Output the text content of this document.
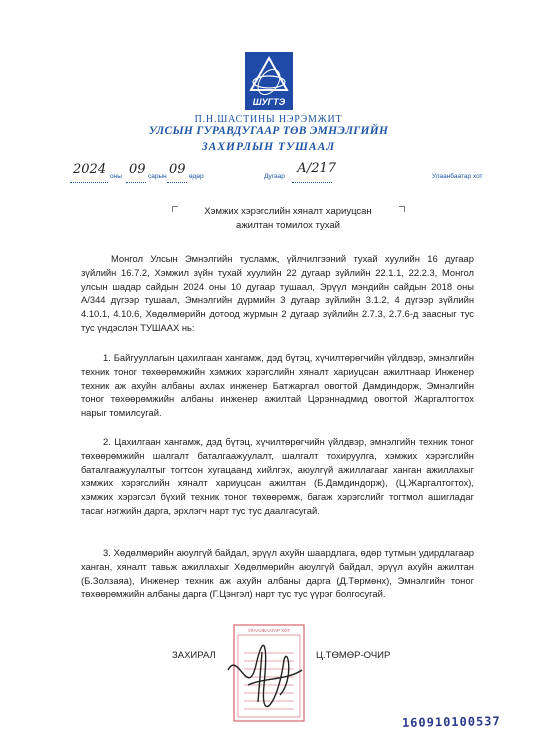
ШУГТЭ
П.Н.ШАСТИНЫ НЭРЭМЖИТ
УЛСЫН ГУРАВДУГААР ТӨВ ЭМНЭЛГИЙН
ЗАХИРЛЫН ТУШААЛ
2024 оны 09 сарын 09 өдөр	Дугаар
А/217
Улаанбаатар хот
Хэмжих хэрэгслийн хяналт хариуцсан
ажилтан томилох тухай

Монгол Улсын Эмнэлгийн тусламж, үйлчилгээний тухай хуулийн 16 дугаар зүйлийн 16.7.2, Хэмжил зүйн тухай хуулийн 22 дугаар зүйлийн 22.1.1, 22.2.3, Монгол улсын шадар сайдын 2024 оны 10 дугаар тушаал, Эрүүл мэндийн сайдын 2018 оны А/344 дүгээр тушаал, Эмнэлгийн дүрмийн 3 дугаар зүйлийн 3.1.2, 4 дүгээр зүйлийн 4.10.1, 4.10.6, Хөдөлмөрийн дотоод журмын 2 дугаар зүйлийн 2.7.3, 2.7.6-д заасныг тус тус үндэслэн ТУШААХ нь:

1. Байгууллагын цахилгаан хангамж, дэд бүтэц, хүчилтөрөгчийн үйлдвэр, эмнэлгийн техник тоног төхөөрөмжийн хэмжих хэрэгслийн хяналт хариуцсан ажилтнаар Инженер техник аж ахуйн албаны ахлах инженер Батжаргал овогтой Дамдиндорж, Эмнэлгийн тоног төхөөрөмжийн албаны инженер ажилтай Цэрэннадмид овогтой Жаргалтогтох нарыг томилсугай.

2. Цахилгаан хангамж, дэд бүтэц, хүчилтөрөгчийн үйлдвэр, эмнэлгийн техник тоног төхөөрөмжийн шалгалт баталгаажуулалт, шалгалт тохируулга, хэмжих хэрэгслийн баталгаажуулалтыг тогтсон хугацаанд хийлгэх, аюулгүй ажиллагааг ханган ажиллахыг хэмжих хэрэгслийн хяналт хариуцсан ажилтан (Б.Дамдиндорж), (Ц.Жаргалтогтох), хэмжих хэрэгсэл бүхий техник тоног төхөөрөмж, багаж хэрэгслийг тогтмол ашигладаг тасаг нэгжийн дарга, эрхлэгч нарт тус тус даалгасугай.

3. Хөдөлмөрийн аюулгүй байдал, эрүүл ахуйн шаардлага, өдөр тутмын удирдлагаар ханган, хяналт тавьж ажиллахыг Хөдөлмөрийн аюулгүй байдал, эрүүл ахуйн ажилтан (Б.Золзаяа), Инженер техник аж ахуйн албаны дарга (Д.Төрмөнх), Эмнэлгийн тоног төхөөрөмжийн албаны дарга (Г.Цэнгэл) нарт тус тус үүрэг болгосугай.

УЛААНБААТАР ХОТ
ЗАХИРАЛ	Ц.ТӨМӨР-ОЧИР
160910100537
